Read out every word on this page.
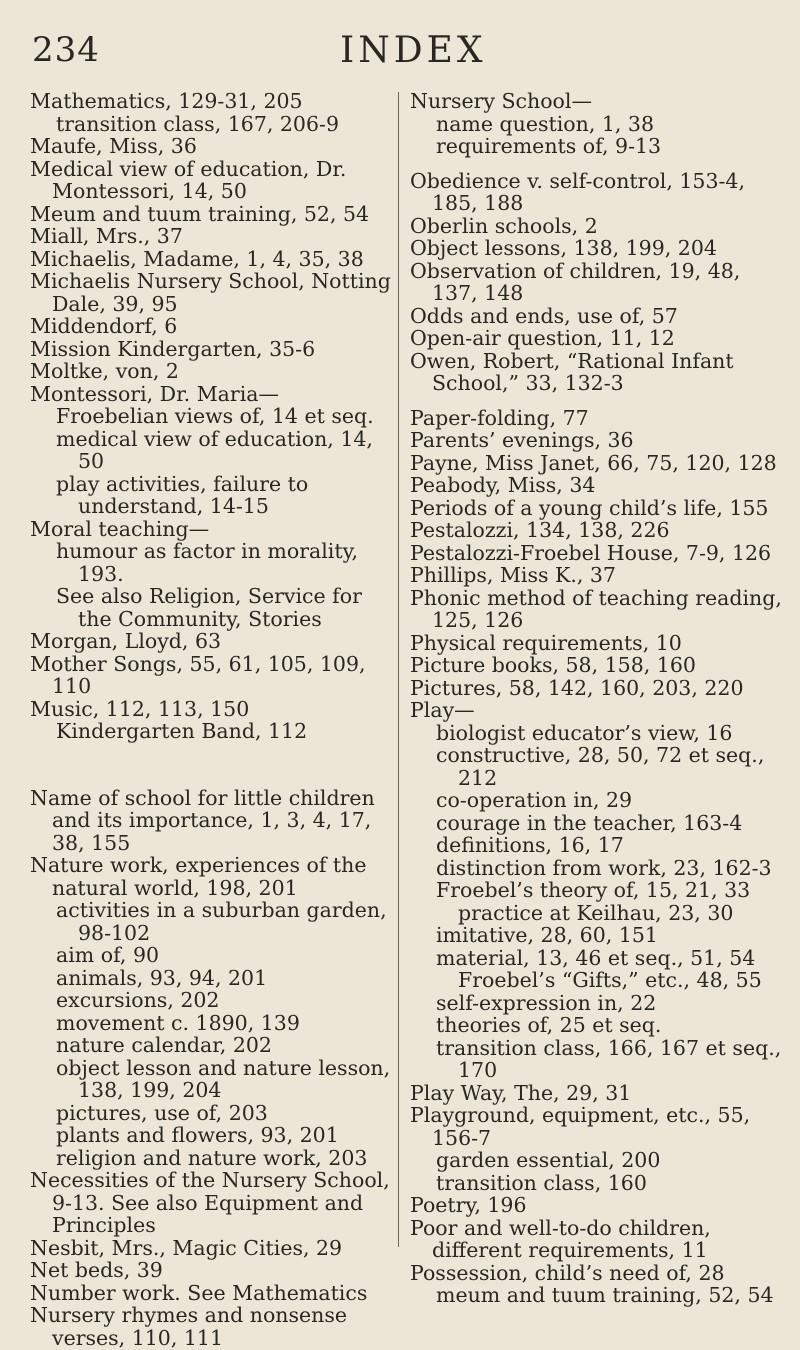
234	INDEX
Mathematics, 129-31, 205
transition class, 167, 206-9
Maufe, Miss, 36
Medical view of education, Dr. Montessori, 14, 50
Meum and tuum training, 52, 54
Miall, Mrs., 37
Michaelis, Madame, 1, 4, 35, 38
Michaelis Nursery School, Notting Dale, 39, 95
Middendorf, 6
Mission Kindergarten, 35-6
Moltke, von, 2
Montessori, Dr. Maria—
Froebelian views of, 14 et seq.
medical view of education, 14, 50
play activities, failure to understand, 14-15
Moral teaching—
humour as factor in morality, 193.
See also Religion, Service for the Community, Stories
Morgan, Lloyd, 63
Mother Songs, 55, 61, 105, 109, 110
Music, 112, 113, 150
Kindergarten Band, 112
Name of school for little children and its importance, 1, 3, 4, 17, 38, 155
Nature work, experiences of the natural world, 198, 201
activities in a suburban garden, 98-102
aim of, 90
animals, 93, 94, 201
excursions, 202
movement c. 1890, 139
nature calendar, 202
object lesson and nature lesson, 138, 199, 204
pictures, use of, 203
plants and flowers, 93, 201
religion and nature work, 203
Necessities of the Nursery School, 9-13. See also Equipment and Principles
Nesbit, Mrs., Magic Cities, 29
Net beds, 39
Number work. See Mathematics
Nursery rhymes and nonsense verses, 110, 111
Nursery School—
name question, 1, 38
requirements of, 9-13
Obedience v. self-control, 153-4, 185, 188
Oberlin schools, 2
Object lessons, 138, 199, 204
Observation of children, 19, 48, 137, 148
Odds and ends, use of, 57
Open-air question, 11, 12
Owen, Robert, “Rational Infant School,” 33, 132-3
Paper-folding, 77
Parents’ evenings, 36
Payne, Miss Janet, 66, 75, 120, 128
Peabody, Miss, 34
Periods of a young child’s life, 155
Pestalozzi, 134, 138, 226
Pestalozzi-Froebel House, 7-9, 126
Phillips, Miss K., 37
Phonic method of teaching reading, 125, 126
Physical requirements, 10
Picture books, 58, 158, 160
Pictures, 58, 142, 160, 203, 220
Play—
biologist educator’s view, 16
constructive, 28, 50, 72 et seq., 212
co-operation in, 29
courage in the teacher, 163-4
definitions, 16, 17
distinction from work, 23, 162-3
Froebel’s theory of, 15, 21, 33
practice at Keilhau, 23, 30
imitative, 28, 60, 151
material, 13, 46 et seq., 51, 54
Froebel’s “Gifts,” etc., 48, 55
self-expression in, 22
theories of, 25 et seq.
transition class, 166, 167 et seq., 170
Play Way, The, 29, 31
Playground, equipment, etc., 55, 156-7
garden essential, 200
transition class, 160
Poetry, 196
Poor and well-to-do children, different requirements, 11
Possession, child’s need of, 28
meum and tuum training, 52, 54
